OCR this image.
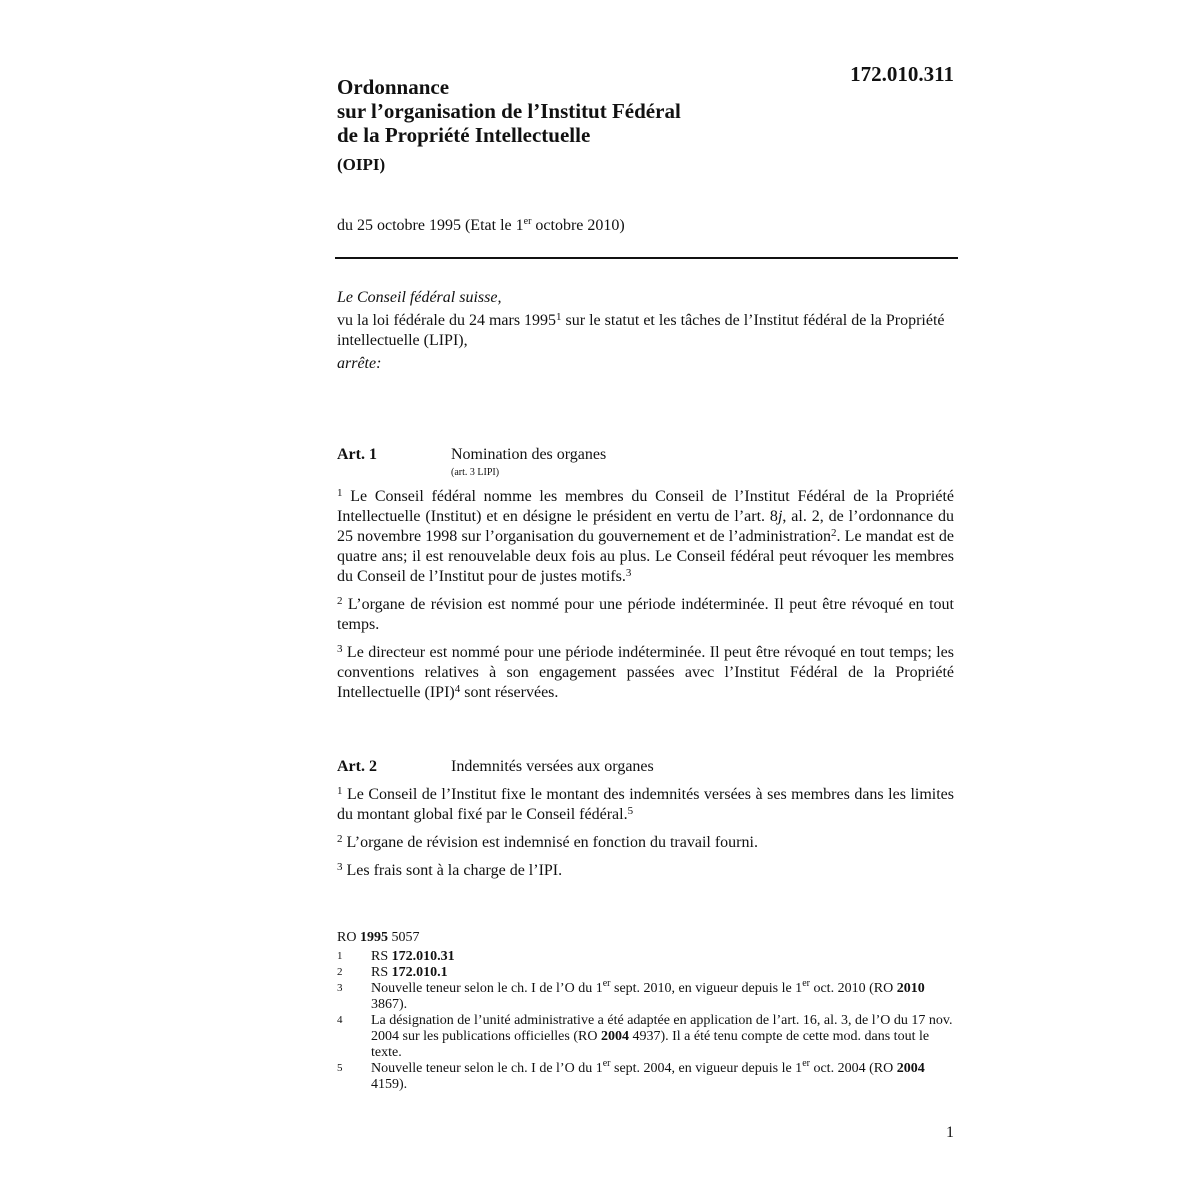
172.010.311

Ordonnance

sur l’organisation de l’Institut Fédéral

de la Propriété Intellectuelle

(OIPI)
du 25 octobre 1995 (Etat le 1er octobre 2010)

Le Conseil fédéral suisse,

vu la loi fédérale du 24 mars 1995$^1$ sur le statut et les tâches de l’Institut fédéral de la Propriété intellectuelle (LIPI),

arrête:

Art. 1	Nomination des organes
(art. 3 LIPI)

$^1$ Le Conseil fédéral nomme les membres du Conseil de l’Institut Fédéral de la Propriété Intellectuelle (Institut) et en désigne le président en vertu de l’art. 8j, al. 2, de l’ordonnance du 25 novembre 1998 sur l’organisation du gouvernement et de l’administration$^2$. Le mandat est de quatre ans; il est renouvelable deux fois au plus. Le Conseil fédéral peut révoquer les membres du Conseil de l’Institut pour de justes motifs.$^3$

$^2$ L’organe de révision est nommé pour une période indéterminée. Il peut être révoqué en tout temps.

$^3$ Le directeur est nommé pour une période indéterminée. Il peut être révoqué en tout temps; les conventions relatives à son engagement passées avec l’Institut Fédéral de la Propriété Intellectuelle (IPI)$^4$ sont réservées.

Art. 2	Indemnités versées aux organes

$^1$ Le Conseil de l’Institut fixe le montant des indemnités versées à ses membres dans les limites du montant global fixé par le Conseil fédéral.$^5$

$^2$ L’organe de révision est indemnisé en fonction du travail fourni.

$^3$ Les frais sont à la charge de l’IPI.

RO 1995 5057
1	RS 172.010.31
2	RS 172.010.1
3	Nouvelle teneur selon le ch. I de l’O du 1er sept. 2010, en vigueur depuis le 1er oct. 2010 (RO 2010 3867).
4	La désignation de l’unité administrative a été adaptée en application de l’art. 16, al. 3, de l’O du 17 nov. 2004 sur les publications officielles (RO 2004 4937). Il a été tenu compte de cette mod. dans tout le texte.
5	Nouvelle teneur selon le ch. I de l’O du 1er sept. 2004, en vigueur depuis le 1er oct. 2004 (RO 2004 4159).
1
